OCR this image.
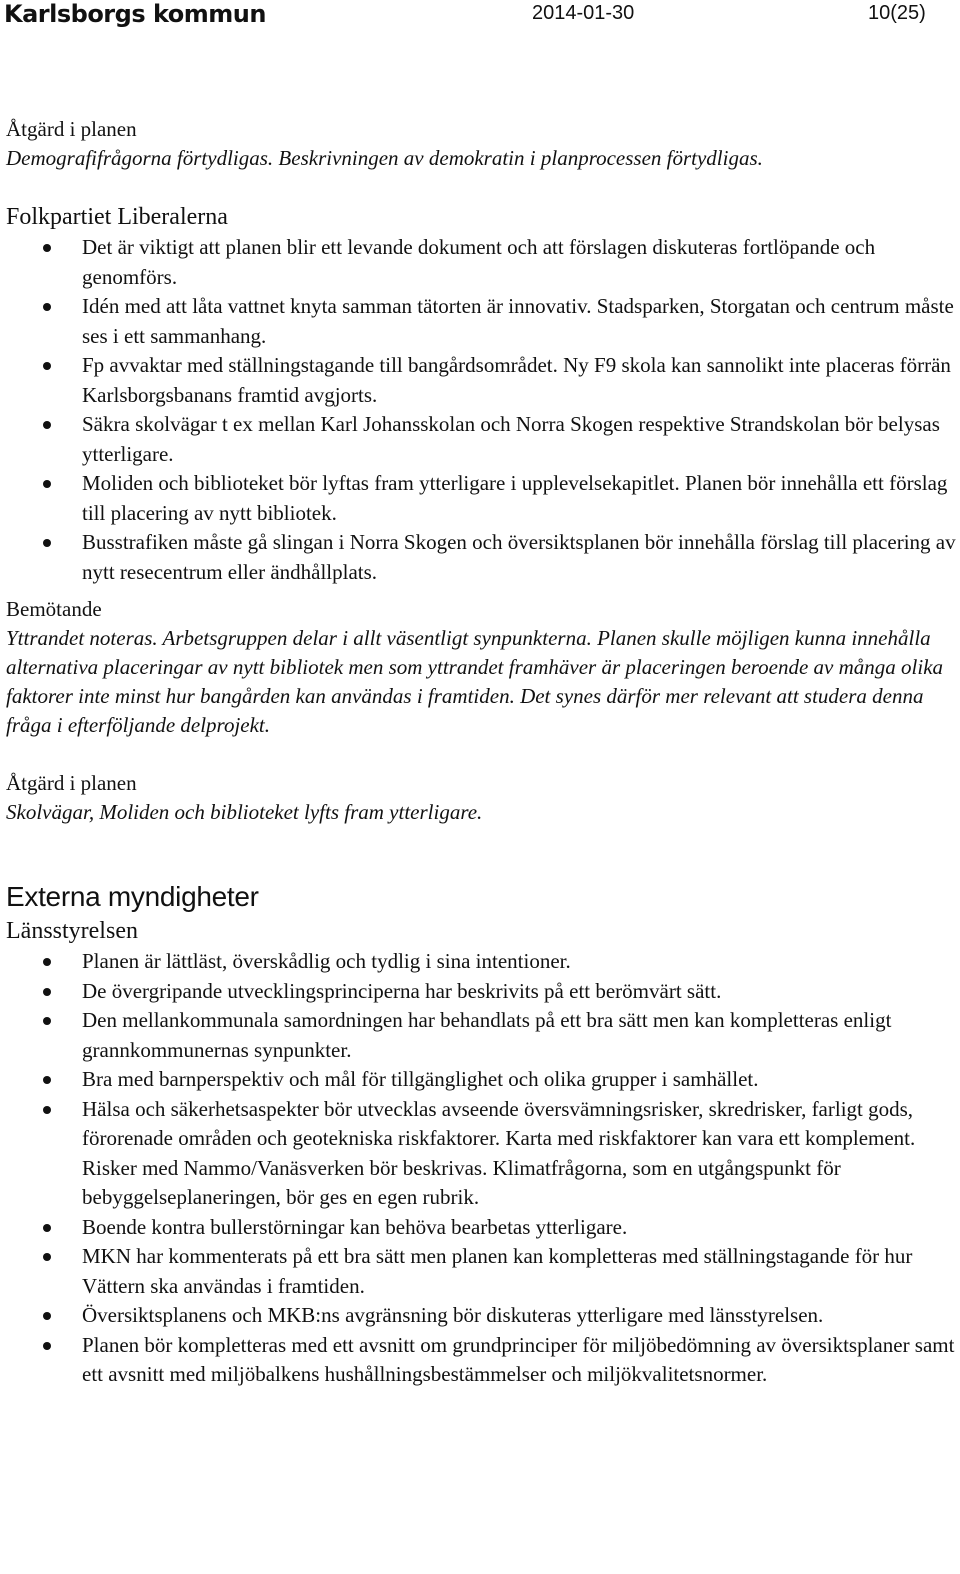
Karlsborgs kommun	2014-01-30	10(25)
Åtgärd i planen

Demografifrågorna förtydligas. Beskrivningen av demokratin i planprocessen förtydligas.

Folkpartiet Liberalerna
Det är viktigt att planen blir ett levande dokument och att förslagen diskuteras fortlöpande och genomförs.
Idén med att låta vattnet knyta samman tätorten är innovativ. Stadsparken, Storgatan och centrum måste ses i ett sammanhang.
Fp avvaktar med ställningstagande till bangårdsområdet. Ny F9 skola kan sannolikt inte placeras förrän Karlsborgsbanans framtid avgjorts.
Säkra skolvägar t ex mellan Karl Johansskolan och Norra Skogen respektive Strandskolan bör belysas ytterligare.
Moliden och biblioteket bör lyftas fram ytterligare i upplevelsekapitlet. Planen bör innehålla ett förslag till placering av nytt bibliotek.
Busstrafiken måste gå slingan i Norra Skogen och översiktsplanen bör innehålla förslag till placering av nytt resecentrum eller ändhållplats.
Bemötande

Yttrandet noteras. Arbetsgruppen delar i allt väsentligt synpunkterna. Planen skulle möjligen kunna innehålla alternativa placeringar av nytt bibliotek men som yttrandet framhäver är placeringen beroende av många olika faktorer inte minst hur bangården kan användas i framtiden. Det synes därför mer relevant att studera denna fråga i efterföljande delprojekt.

Åtgärd i planen

Skolvägar, Moliden och biblioteket lyfts fram ytterligare.

Externa myndigheter
Länsstyrelsen
Planen är lättläst, överskådlig och tydlig i sina intentioner.
De övergripande utvecklingsprinciperna har beskrivits på ett berömvärt sätt.
Den mellankommunala samordningen har behandlats på ett bra sätt men kan kompletteras enligt grannkommunernas synpunkter.
Bra med barnperspektiv och mål för tillgänglighet och olika grupper i samhället.
Hälsa och säkerhetsaspekter bör utvecklas avseende översvämningsrisker, skredrisker, farligt gods, förorenade områden och geotekniska riskfaktorer. Karta med riskfaktorer kan vara ett komplement. Risker med Nammo/Vanäsverken bör beskrivas. Klimatfrågorna, som en utgångspunkt för bebyggelseplaneringen, bör ges en egen rubrik.
Boende kontra bullerstörningar kan behöva bearbetas ytterligare.
MKN har kommenterats på ett bra sätt men planen kan kompletteras med ställningstagande för hur Vättern ska användas i framtiden.
Översiktsplanens och MKB:ns avgränsning bör diskuteras ytterligare med länsstyrelsen.
Planen bör kompletteras med ett avsnitt om grundprinciper för miljöbedömning av översiktsplaner samt ett avsnitt med miljöbalkens hushållningsbestämmelser och miljökvalitetsnormer.
